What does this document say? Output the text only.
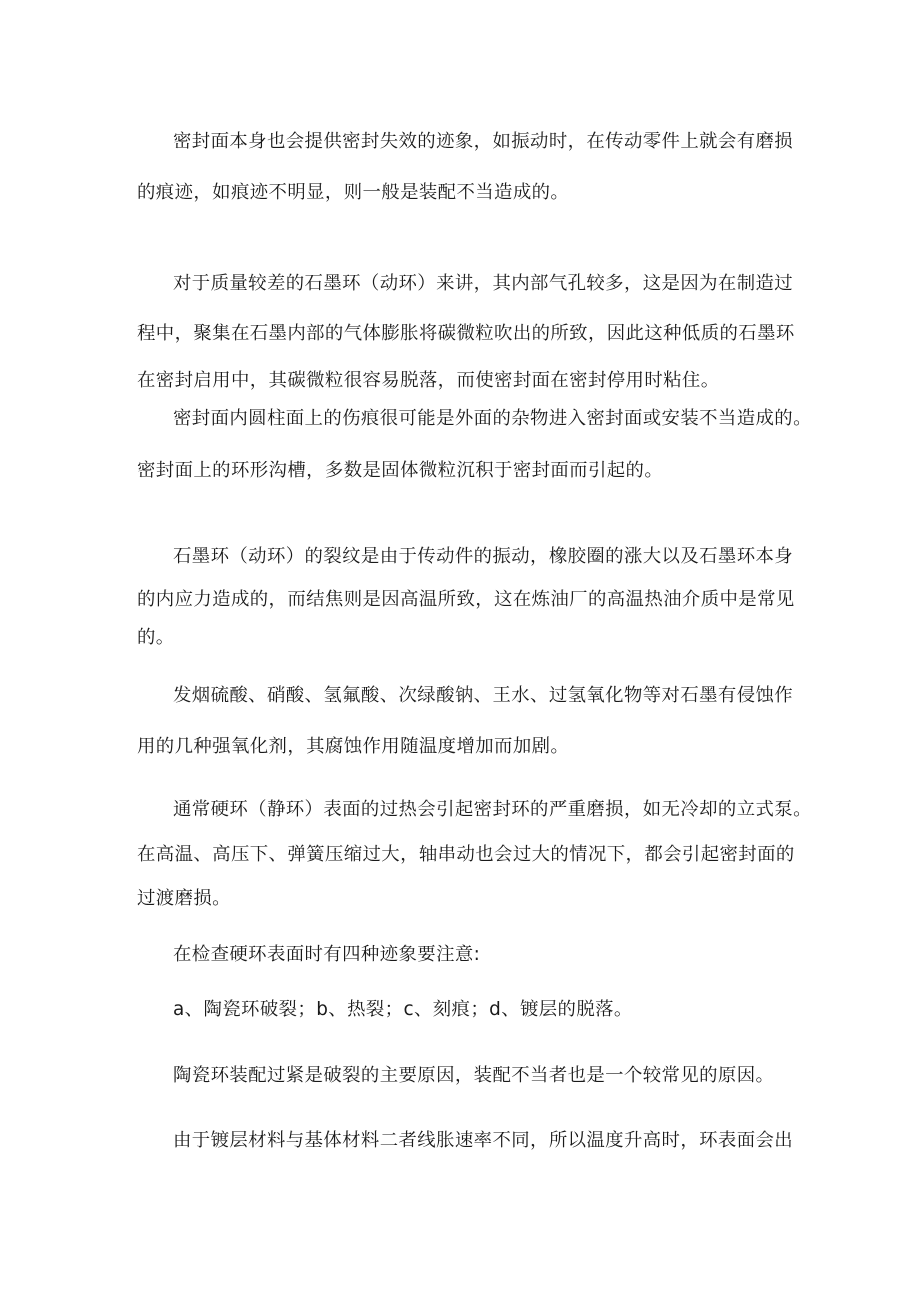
密封面本身也会提供密封失效的迹象，如振动时，在传动零件上就会有磨损
的痕迹，如痕迹不明显，则一般是装配不当造成的。
对于质量较差的石墨环（动环）来讲，其内部气孔较多，这是因为在制造过
程中，聚集在石墨内部的气体膨胀将碳微粒吹出的所致，因此这种低质的石墨环
在密封启用中，其碳微粒很容易脱落，而使密封面在密封停用时粘住。
密封面内圆柱面上的伤痕很可能是外面的杂物进入密封面或安装不当造成的。
密封面上的环形沟槽，多数是固体微粒沉积于密封面而引起的。
石墨环（动环）的裂纹是由于传动件的振动，橡胶圈的涨大以及石墨环本身
的内应力造成的，而结焦则是因高温所致，这在炼油厂的高温热油介质中是常见
的。
发烟硫酸、硝酸、氢氟酸、次绿酸钠、王水、过氢氧化物等对石墨有侵蚀作
用的几种强氧化剂，其腐蚀作用随温度增加而加剧。
通常硬环（静环）表面的过热会引起密封环的严重磨损，如无冷却的立式泵。
在高温、高压下、弹簧压缩过大，轴串动也会过大的情况下，都会引起密封面的
过渡磨损。
在检查硬环表面时有四种迹象要注意:
a、陶瓷环破裂；b、热裂；c、刻痕；d、镀层的脱落。
陶瓷环装配过紧是破裂的主要原因，装配不当者也是一个较常见的原因。
由于镀层材料与基体材料二者线胀速率不同，所以温度升高时，环表面会出
